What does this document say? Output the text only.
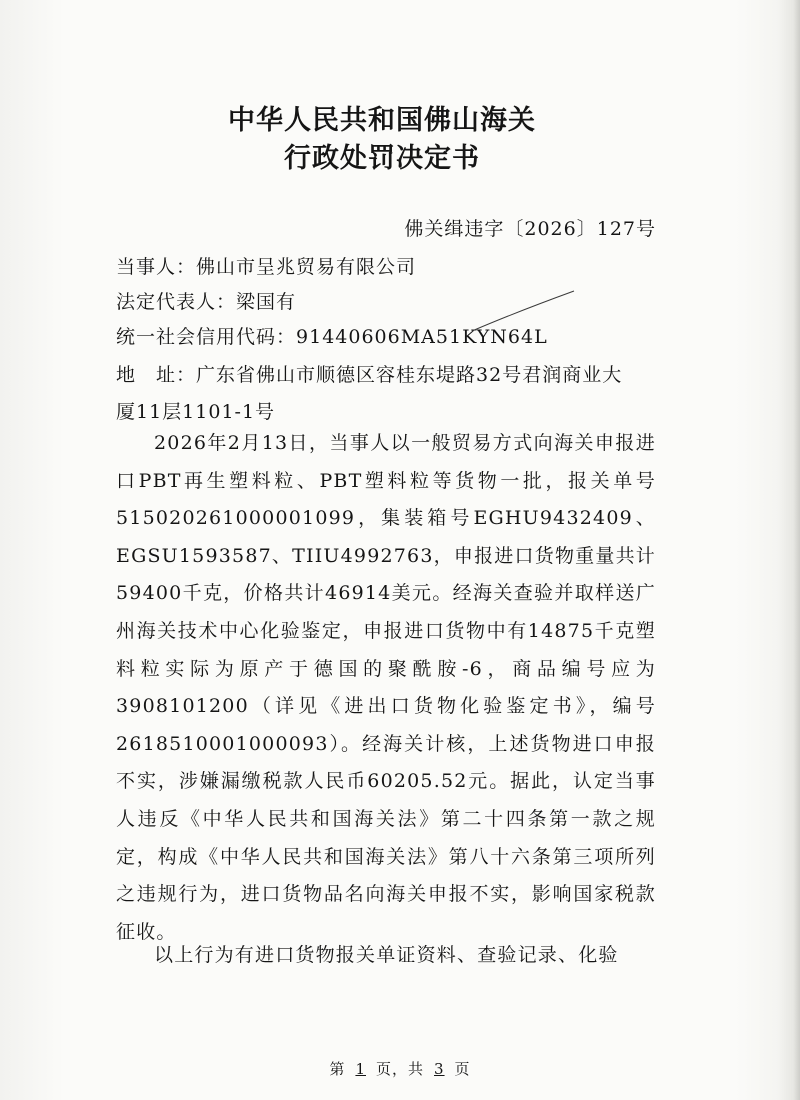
中华人民共和国佛山海关
行政处罚决定书
佛关缉违字〔2026〕127号
当事人：佛山市呈兆贸易有限公司
法定代表人：梁国有
统一社会信用代码：91440606MA51KYN64L
地　址：广东省佛山市顺德区容桂东堤路32号君润商业大
厦11层1101-1号

2026年2月13日，当事人以一般贸易方式向海关申报进口PBT再生塑料粒、PBT塑料粒等货物一批，报关单号515020261000001099，集装箱号EGHU9432409、EGSU1593587、TIIU4992763，申报进口货物重量共计59400千克，价格共计46914美元。经海关查验并取样送广州海关技术中心化验鉴定，申报进口货物中有14875千克塑料粒实际为原产于德国的聚酰胺-6，商品编号应为3908101200（详见《进出口货物化验鉴定书》，编号2618510001000093）。经海关计核，上述货物进口申报不实，涉嫌漏缴税款人民币60205.52元。据此，认定当事人违反《中华人民共和国海关法》第二十四条第一款之规定，构成《中华人民共和国海关法》第八十六条第三项所列之违规行为，进口货物品名向海关申报不实，影响国家税款征收。

以上行为有进口货物报关单证资料、查验记录、化验

第 1 页，共 3 页
